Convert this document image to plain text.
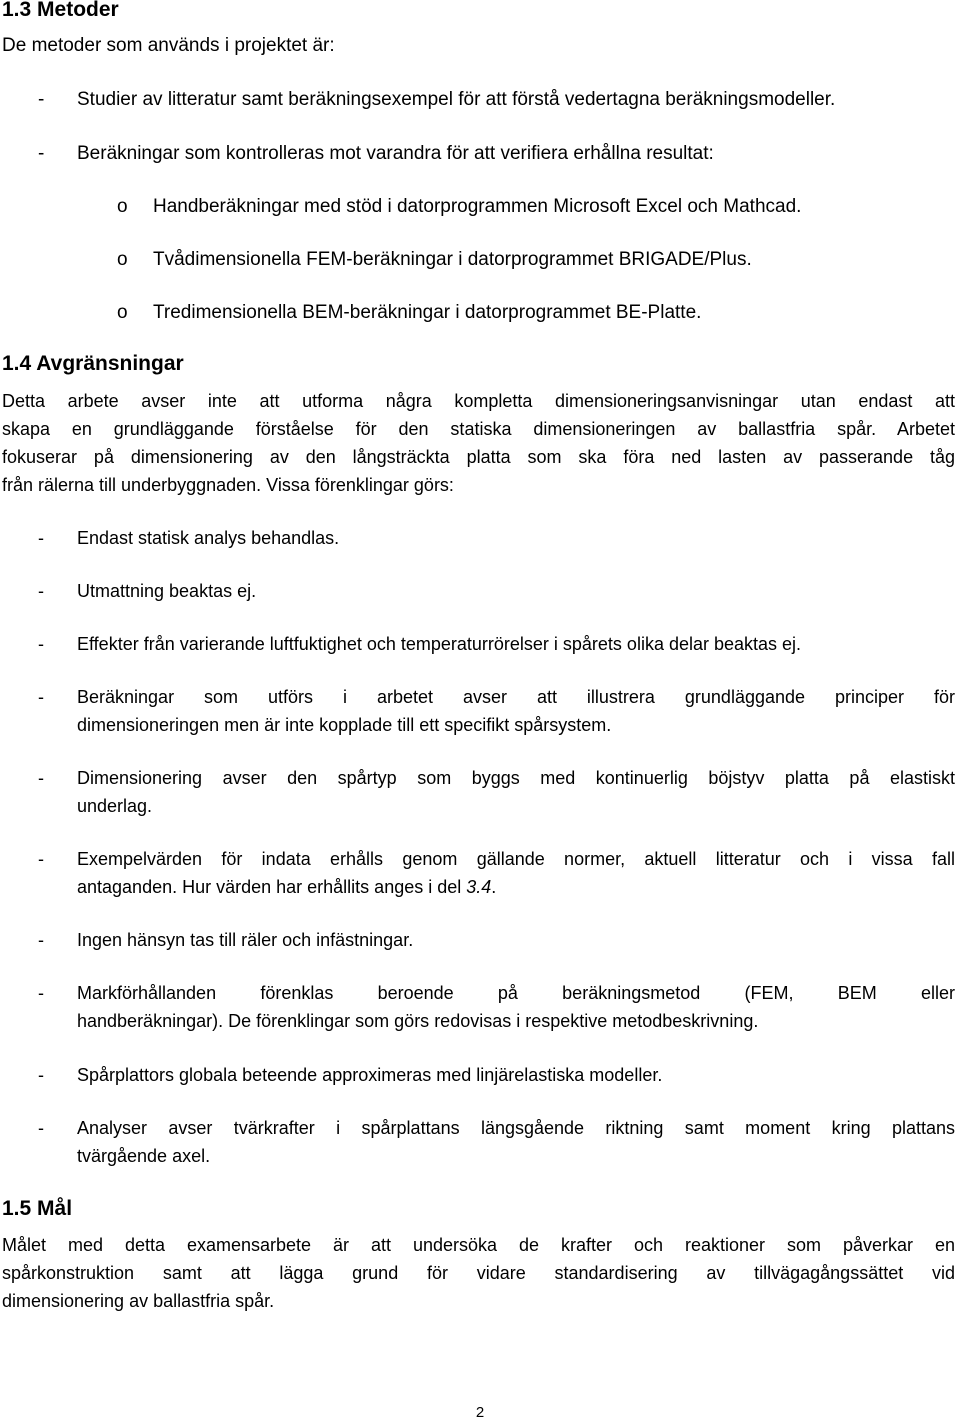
1.3 Metoder
De metoder som används i projektet är:
- Studier av litteratur samt beräkningsexempel för att förstå vedertagna beräkningsmodeller.
- Beräkningar som kontrolleras mot varandra för att verifiera erhållna resultat:
o Handberäkningar med stöd i datorprogrammen Microsoft Excel och Mathcad.
o Tvådimensionella FEM-beräkningar i datorprogrammet BRIGADE/Plus.
o Tredimensionella BEM-beräkningar i datorprogrammet BE-Platte.
1.4 Avgränsningar
Detta arbete avser inte att utforma några kompletta dimensioneringsanvisningar utan endast att
skapa en grundläggande förståelse för den statiska dimensioneringen av ballastfria spår. Arbetet
fokuserar på dimensionering av den långsträckta platta som ska föra ned lasten av passerande tåg
från rälerna till underbyggnaden. Vissa förenklingar görs:
- Endast statisk analys behandlas.
- Utmattning beaktas ej.
- Effekter från varierande luftfuktighet och temperaturrörelser i spårets olika delar beaktas ej.
- Beräkningar som utförs i arbetet avser att illustrera grundläggande principer för
dimensioneringen men är inte kopplade till ett specifikt spårsystem.
- Dimensionering avser den spårtyp som byggs med kontinuerlig böjstyv platta på elastiskt
underlag.
- Exempelvärden för indata erhålls genom gällande normer, aktuell litteratur och i vissa fall
antaganden. Hur värden har erhållits anges i del 3.4.
- Ingen hänsyn tas till räler och infästningar.
- Markförhållanden förenklas beroende på beräkningsmetod (FEM, BEM eller
handberäkningar). De förenklingar som görs redovisas i respektive metodbeskrivning.
- Spårplattors globala beteende approximeras med linjärelastiska modeller.
- Analyser avser tvärkrafter i spårplattans längsgående riktning samt moment kring plattans
tvärgående axel.
1.5 Mål
Målet med detta examensarbete är att undersöka de krafter och reaktioner som påverkar en
spårkonstruktion samt att lägga grund för vidare standardisering av tillvägagångssättet vid
dimensionering av ballastfria spår.
2
